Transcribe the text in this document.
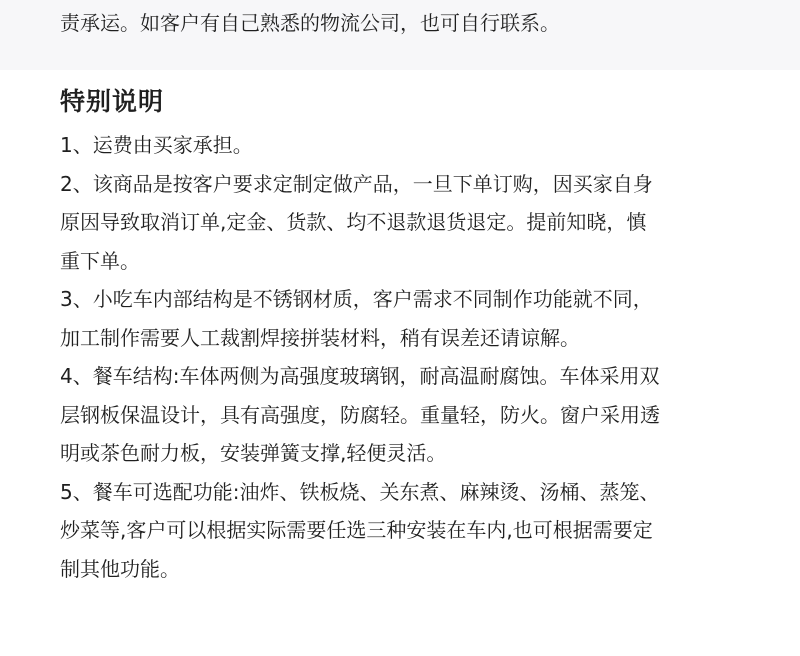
责承运。如客户有自己熟悉的物流公司，也可自行联系。
特别说明

1、运费由买家承担。

2、该商品是按客户要求定制定做产品，一旦下单订购，因买家自身
原因导致取消订单,定金、货款、均不退款退货退定。提前知晓，慎
重下单。

3、小吃车内部结构是不锈钢材质，客户需求不同制作功能就不同，
加工制作需要人工裁割焊接拼装材料，稍有误差还请谅解。

4、餐车结构:车体两侧为高强度玻璃钢，耐高温耐腐蚀。车体采用双
层钢板保温设计，具有高强度，防腐轻。重量轻，防火。窗户采用透
明或茶色耐力板，安装弹簧支撑,轻便灵活。

5、餐车可选配功能:油炸、铁板烧、关东煮、麻辣烫、汤桶、蒸笼、
炒菜等,客户可以根据实际需要任选三种安装在车内,也可根据需要定
制其他功能。
